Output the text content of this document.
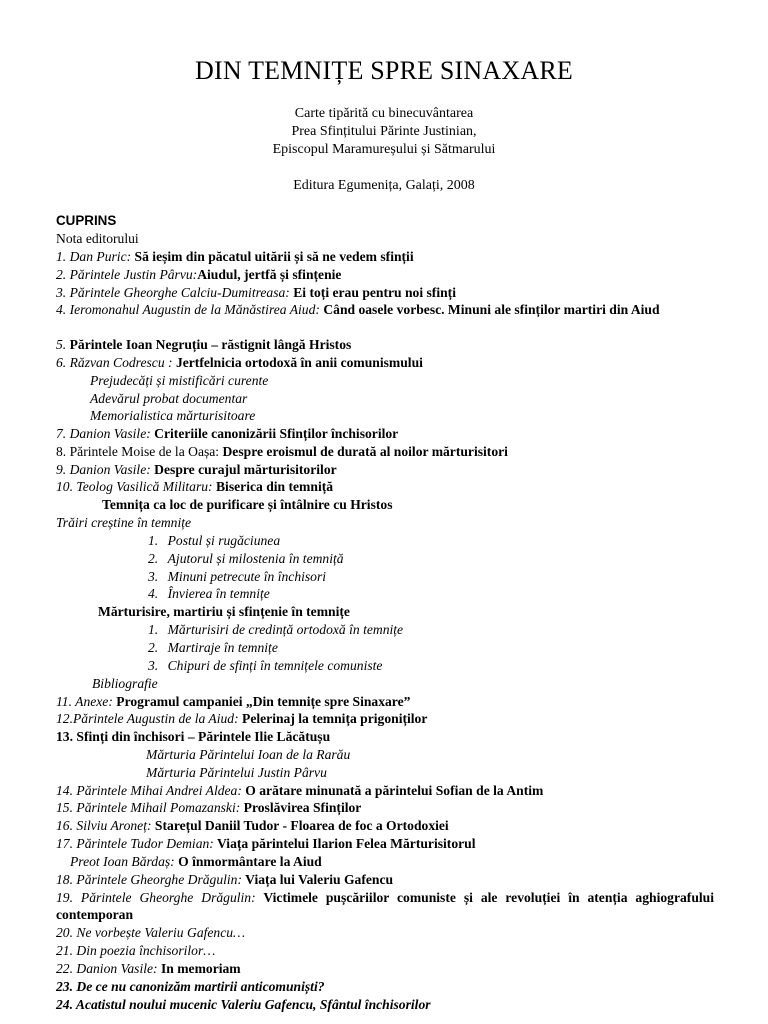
DIN TEMNIȚE SPRE SINAXARE
Carte tipărită cu binecuvântarea
Prea Sfințitului Părinte Justinian,
Episcopul Maramureșului și Sătmarului
Editura Egumenița, Galați, 2008
CUPRINS
Nota editorului
1. Dan Puric: Să ieșim din păcatul uitării și să ne vedem sfinții
2. Părintele Justin Pârvu:Aiudul, jertfă și sfințenie
3. Părintele Gheorghe Calciu-Dumitreasa: Ei toți erau pentru noi sfinți
4. Ieromonahul Augustin de la Mănăstirea Aiud: Când oasele vorbesc. Minuni ale sfinților martiri din Aiud
5. Părintele Ioan Negruțiu – răstignit lângă Hristos
6. Răzvan Codrescu : Jertfelnicia ortodoxă în anii comunismului
Prejudecăți și mistificări curente
Adevărul probat documentar
Memorialistica mărturisitoare
7. Danion Vasile: Criteriile canonizării Sfinților închisorilor
8. Părintele Moise de la Oașa: Despre eroismul de durată al noilor mărturisitori
9. Danion Vasile: Despre curajul mărturisitorilor
10. Teolog Vasilică Militaru: Biserica din temniță
Temnița ca loc de purificare și întâlnire cu Hristos
Trăiri creștine în temnițe
1. Postul și rugăciunea
2. Ajutorul și milostenia în temniță
3. Minuni petrecute în închisori
4. Învierea în temnițe
Mărturisire, martiriu și sfințenie în temnițe
1. Mărturisiri de credință ortodoxă în temnițe
2. Martiraje în temnițe
3. Chipuri de sfinți în temnițele comuniste
Bibliografie
11. Anexe: Programul campaniei „Din temnițe spre Sinaxare”
12.Părintele Augustin de la Aiud: Pelerinaj la temnița prigoniților
13. Sfinți din închisori – Părintele Ilie Lăcătușu
Mărturia Părintelui Ioan de la Rarău
Mărturia Părintelui Justin Pârvu
14. Părintele Mihai Andrei Aldea: O arătare minunată a părintelui Sofian de la Antim
15. Părintele Mihail Pomazanski: Proslăvirea Sfinților
16. Silviu Aroneț: Starețul Daniil Tudor - Floarea de foc a Ortodoxiei
17. Părintele Tudor Demian: Viața părintelui Ilarion Felea Mărturisitorul
Preot Ioan Bărdaș: O înmormântare la Aiud
18. Părintele Gheorghe Drăgulin: Viața lui Valeriu Gafencu
19. Părintele Gheorghe Drăgulin: Victimele pușcăriilor comuniste și ale revoluției în atenția aghiografului contemporan
20. Ne vorbește Valeriu Gafencu…
21. Din poezia închisorilor…
22. Danion Vasile: In memoriam
23. De ce nu canonizăm martirii anticomuniști?
24. Acatistul noului mucenic Valeriu Gafencu, Sfântul închisorilor
